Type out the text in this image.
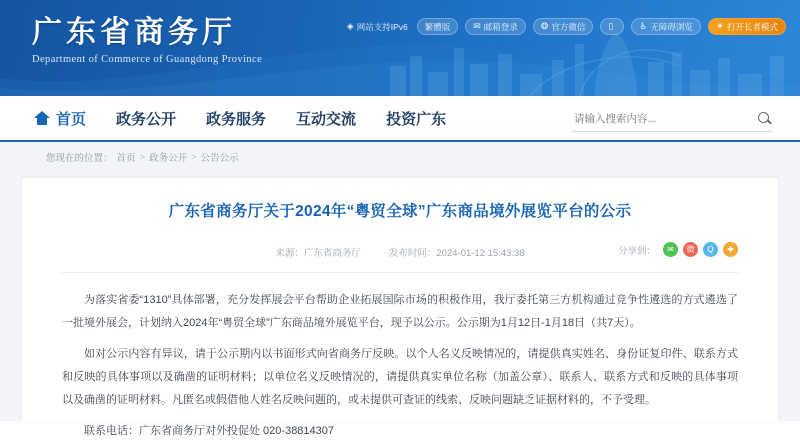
广东省商务厅
Department of Commerce of Guangdong Province
◈ 网站支持IPv6 繁體版	✉ 邮箱登录	❂ 官方微信	▯	♿ 无障碍浏览	☀ 打开长者模式
首页 政务公开 政务服务 互动交流 投资广东
请输入搜索内容...
您现在的位置： 首页 > 政务公开 > 公告公示
广东省商务厅关于2024年“粤贸全球”广东商品境外展览平台的公示
来源：广东省商务厅	发布时间：2024-01-12 15:43:38	分享到：	✉	微	Q	✚

为落实省委“1310”具体部署，充分发挥展会平台帮助企业拓展国际市场的积极作用，我厅委托第三方机构通过竞争性遴选的方式遴选了一批境外展会，计划纳入2024年“粤贸全球”广东商品境外展览平台，现予以公示。公示期为1月12日-1月18日（共7天）。

如对公示内容有异议，请于公示期内以书面形式向省商务厅反映。以个人名义反映情况的，请提供真实姓名、身份证复印件、联系方式和反映的具体事项以及确凿的证明材料；以单位名义反映情况的，请提供真实单位名称（加盖公章）、联系人、联系方式和反映的具体事项以及确凿的证明材料。凡匿名或假借他人姓名反映问题的，或未提供可查证的线索、反映问题缺乏证据材料的，不予受理。

联系电话：广东省商务厅对外投促处 020-38814307
